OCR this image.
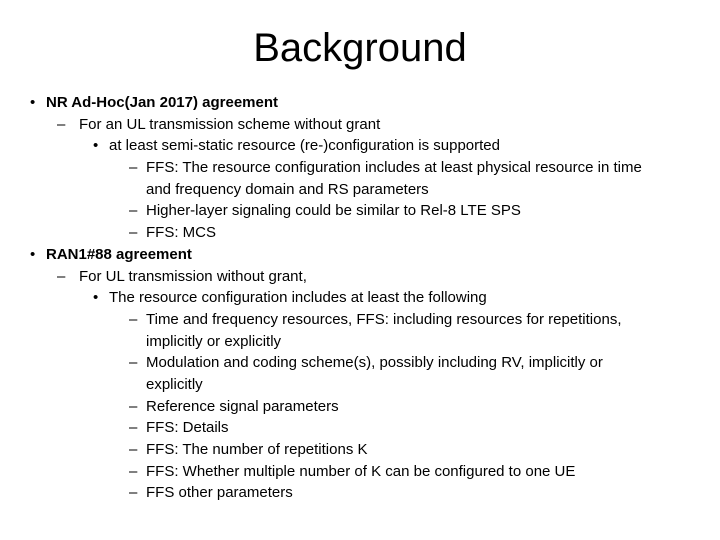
Background
• NR Ad-Hoc(Jan 2017) agreement
– For an UL transmission scheme without grant
• at least semi-static resource (re-)configuration is supported
– FFS: The resource configuration includes at least physical resource in time
and frequency domain and RS parameters
– Higher-layer signaling could be similar to Rel-8 LTE SPS
– FFS: MCS
• RAN1#88 agreement
– For UL transmission without grant,
• The resource configuration includes at least the following
– Time and frequency resources, FFS: including resources for repetitions,
implicitly or explicitly
– Modulation and coding scheme(s), possibly including RV, implicitly or
explicitly
– Reference signal parameters
– FFS: Details
– FFS: The number of repetitions K
– FFS: Whether multiple number of K can be configured to one UE
– FFS other parameters
